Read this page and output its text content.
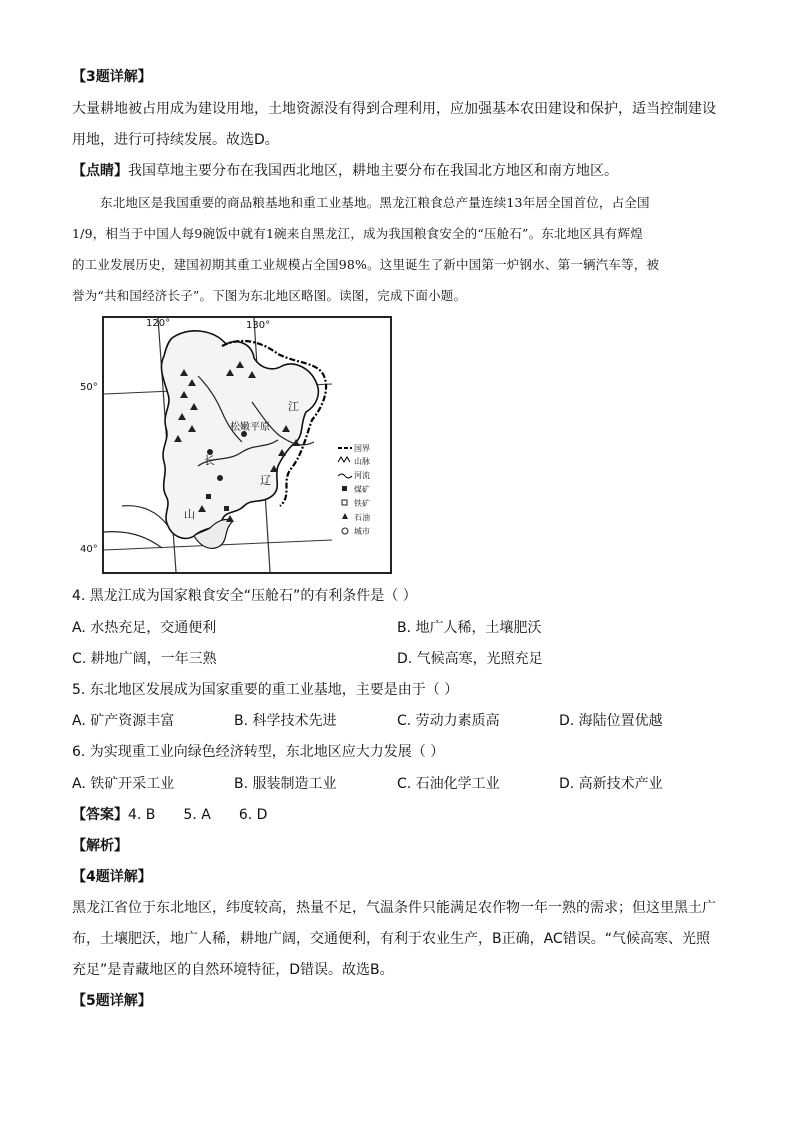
【3题详解】
大量耕地被占用成为建设用地，土地资源没有得到合理利用，应加强基本农田建设和保护，适当控制建设
用地，进行可持续发展。故选D。
【点睛】我国草地主要分布在我国西北地区，耕地主要分布在我国北方地区和南方地区。
东北地区是我国重要的商品粮基地和重工业基地。黑龙江粮食总产量连续13年居全国首位，占全国
1/9，相当于中国人每9碗饭中就有1碗来自黑龙江，成为我国粮食安全的“压舱石”。东北地区具有辉煌
的工业发展历史，建国初期其重工业规模占全国98%。这里诞生了新中国第一炉钢水、第一辆汽车等，被
誉为“共和国经济长子”。下图为东北地区略图。读图，完成下面小题。
120°	130°
50°
40°
松嫩平原
长
辽
江
山
国界
山脉
河流
煤矿
铁矿
石油
城市
4. 黑龙江成为国家粮食安全“压舱石”的有利条件是（ ）
A. 水热充足，交通便利	B. 地广人稀，土壤肥沃
C. 耕地广阔，一年三熟	D. 气候高寒，光照充足
5. 东北地区发展成为国家重要的重工业基地，主要是由于（ ）
A. 矿产资源丰富	B. 科学技术先进	C. 劳动力素质高	D. 海陆位置优越
6. 为实现重工业向绿色经济转型，东北地区应大力发展（ ）
A. 铁矿开采工业	B. 服装制造工业	C. 石油化学工业	D. 高新技术产业
【答案】4. B 5. A 6. D
【解析】
【4题详解】
黑龙江省位于东北地区，纬度较高，热量不足，气温条件只能满足农作物一年一熟的需求；但这里黑土广
布，土壤肥沃，地广人稀，耕地广阔，交通便利，有利于农业生产，B正确，AC错误。“气候高寒、光照
充足”是青藏地区的自然环境特征，D错误。故选B。
【5题详解】
